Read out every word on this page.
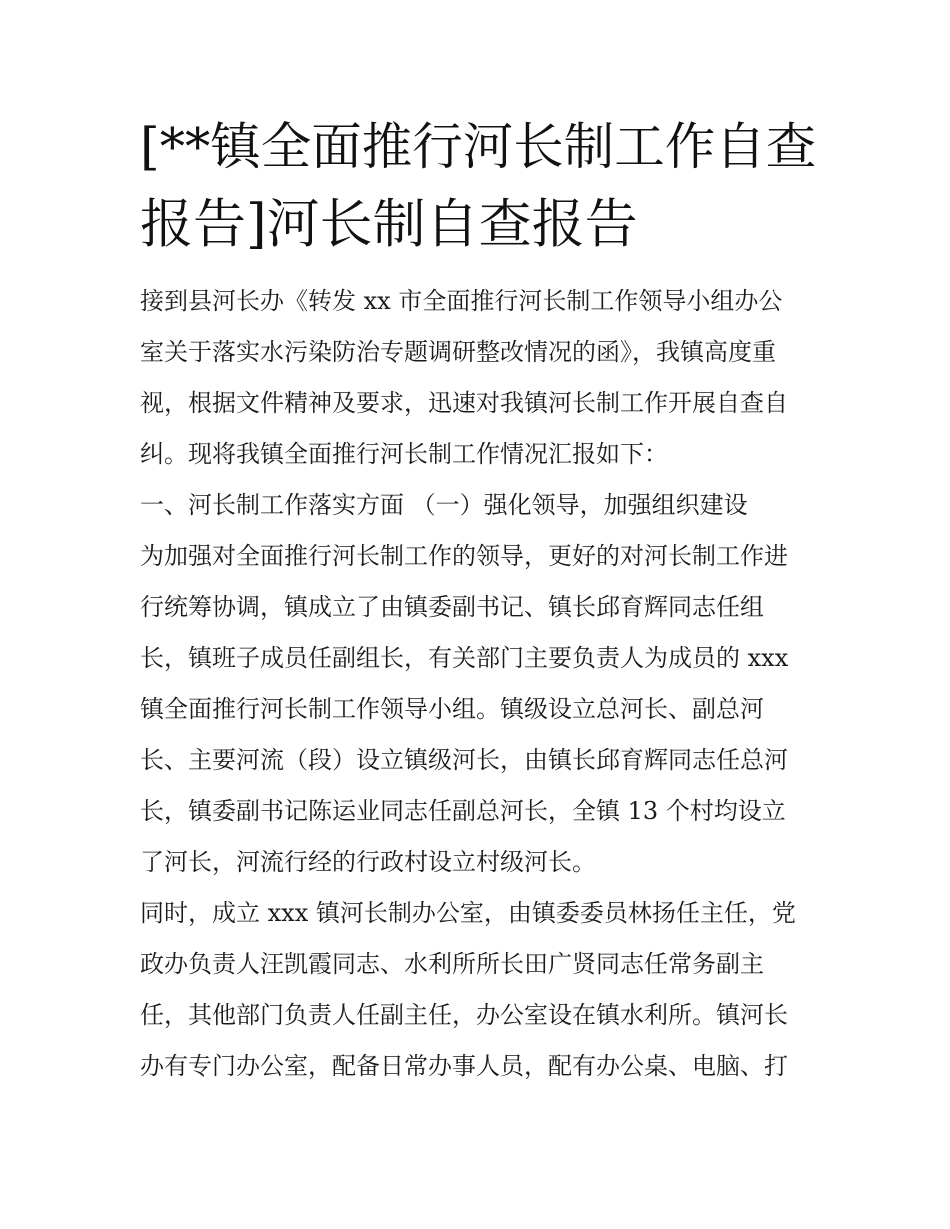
[**镇全面推行河长制工作自查
报告]河长制自查报告
接到县河长办《转发 xx 市全面推行河长制工作领导小组办公
室关于落实水污染防治专题调研整改情况的函》，我镇高度重
视，根据文件精神及要求，迅速对我镇河长制工作开展自查自
纠。现将我镇全面推行河长制工作情况汇报如下：
一、河长制工作落实方面 （一）强化领导，加强组织建设
为加强对全面推行河长制工作的领导，更好的对河长制工作进
行统筹协调，镇成立了由镇委副书记、镇长邱育辉同志任组
长，镇班子成员任副组长，有关部门主要负责人为成员的 xxx
镇全面推行河长制工作领导小组。镇级设立总河长、副总河
长、主要河流（段）设立镇级河长，由镇长邱育辉同志任总河
长，镇委副书记陈运业同志任副总河长，全镇 13 个村均设立
了河长，河流行经的行政村设立村级河长。
同时，成立 xxx 镇河长制办公室，由镇委委员林扬任主任，党
政办负责人汪凯霞同志、水利所所长田广贤同志任常务副主
任，其他部门负责人任副主任，办公室设在镇水利所。镇河长
办有专门办公室，配备日常办事人员，配有办公桌、电脑、打
